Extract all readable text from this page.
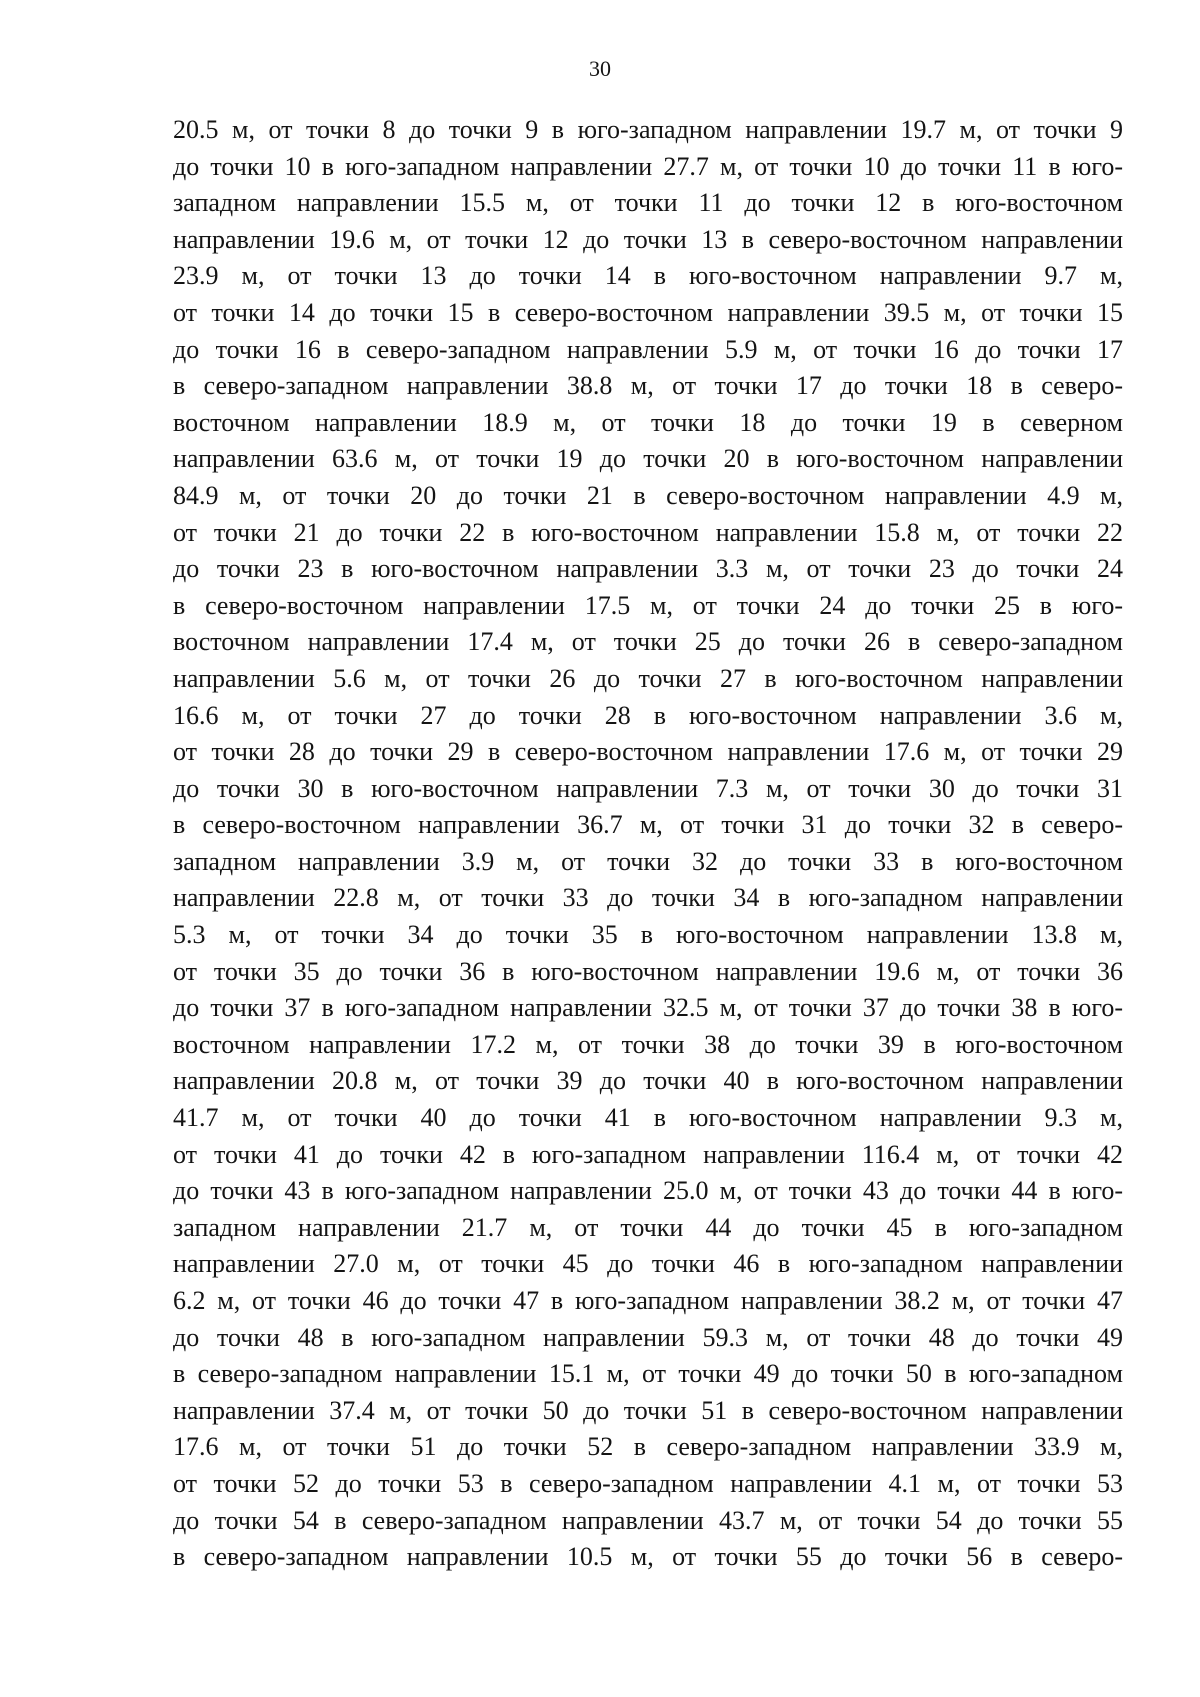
30
20.5 м, от точки 8 до точки 9 в юго-западном направлении 19.7 м, от точки 9
до точки 10 в юго-западном направлении 27.7 м, от точки 10 до точки 11 в юго-
западном направлении 15.5 м, от точки 11 до точки 12 в юго-восточном
направлении 19.6 м, от точки 12 до точки 13 в северо-восточном направлении
23.9 м, от точки 13 до точки 14 в юго-восточном направлении 9.7 м,
от точки 14 до точки 15 в северо-восточном направлении 39.5 м, от точки 15
до точки 16 в северо-западном направлении 5.9 м, от точки 16 до точки 17
в северо-западном направлении 38.8 м, от точки 17 до точки 18 в северо-
восточном направлении 18.9 м, от точки 18 до точки 19 в северном
направлении 63.6 м, от точки 19 до точки 20 в юго-восточном направлении
84.9 м, от точки 20 до точки 21 в северо-восточном направлении 4.9 м,
от точки 21 до точки 22 в юго-восточном направлении 15.8 м, от точки 22
до точки 23 в юго-восточном направлении 3.3 м, от точки 23 до точки 24
в северо-восточном направлении 17.5 м, от точки 24 до точки 25 в юго-
восточном направлении 17.4 м, от точки 25 до точки 26 в северо-западном
направлении 5.6 м, от точки 26 до точки 27 в юго-восточном направлении
16.6 м, от точки 27 до точки 28 в юго-восточном направлении 3.6 м,
от точки 28 до точки 29 в северо-восточном направлении 17.6 м, от точки 29
до точки 30 в юго-восточном направлении 7.3 м, от точки 30 до точки 31
в северо-восточном направлении 36.7 м, от точки 31 до точки 32 в северо-
западном направлении 3.9 м, от точки 32 до точки 33 в юго-восточном
направлении 22.8 м, от точки 33 до точки 34 в юго-западном направлении
5.3 м, от точки 34 до точки 35 в юго-восточном направлении 13.8 м,
от точки 35 до точки 36 в юго-восточном направлении 19.6 м, от точки 36
до точки 37 в юго-западном направлении 32.5 м, от точки 37 до точки 38 в юго-
восточном направлении 17.2 м, от точки 38 до точки 39 в юго-восточном
направлении 20.8 м, от точки 39 до точки 40 в юго-восточном направлении
41.7 м, от точки 40 до точки 41 в юго-восточном направлении 9.3 м,
от точки 41 до точки 42 в юго-западном направлении 116.4 м, от точки 42
до точки 43 в юго-западном направлении 25.0 м, от точки 43 до точки 44 в юго-
западном направлении 21.7 м, от точки 44 до точки 45 в юго-западном
направлении 27.0 м, от точки 45 до точки 46 в юго-западном направлении
6.2 м, от точки 46 до точки 47 в юго-западном направлении 38.2 м, от точки 47
до точки 48 в юго-западном направлении 59.3 м, от точки 48 до точки 49
в северо-западном направлении 15.1 м, от точки 49 до точки 50 в юго-западном
направлении 37.4 м, от точки 50 до точки 51 в северо-восточном направлении
17.6 м, от точки 51 до точки 52 в северо-западном направлении 33.9 м,
от точки 52 до точки 53 в северо-западном направлении 4.1 м, от точки 53
до точки 54 в северо-западном направлении 43.7 м, от точки 54 до точки 55
в северо-западном направлении 10.5 м, от точки 55 до точки 56 в северо-
